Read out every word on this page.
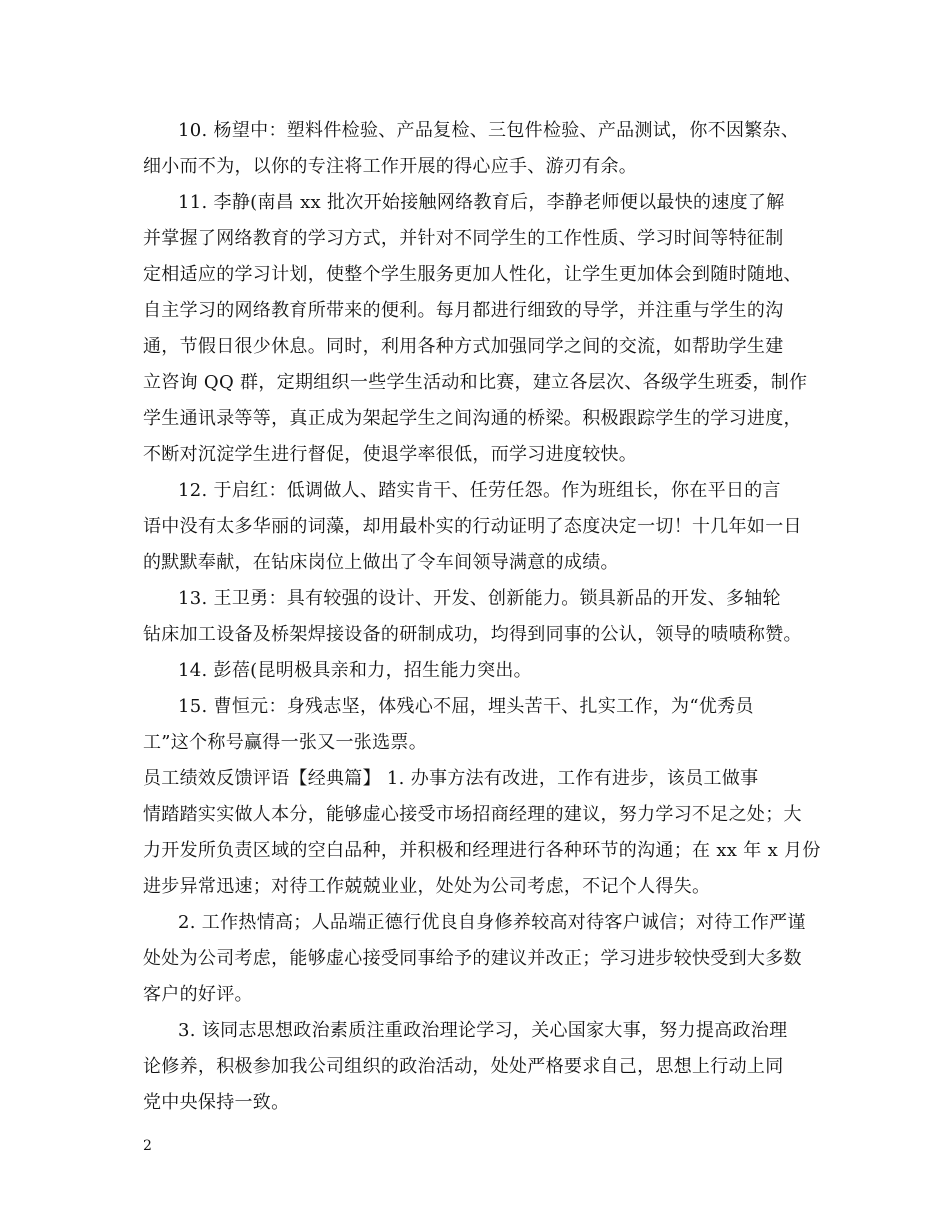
10. 杨望中：塑料件检验、产品复检、三包件检验、产品测试，你不因繁杂、
细小而不为，以你的专注将工作开展的得心应手、游刃有余。
11. 李静(南昌 xx 批次开始接触网络教育后，李静老师便以最快的速度了解
并掌握了网络教育的学习方式，并针对不同学生的工作性质、学习时间等特征制
定相适应的学习计划，使整个学生服务更加人性化，让学生更加体会到随时随地、
自主学习的网络教育所带来的便利。每月都进行细致的导学，并注重与学生的沟
通，节假日很少休息。同时，利用各种方式加强同学之间的交流，如帮助学生建
立咨询 QQ 群，定期组织一些学生活动和比赛，建立各层次、各级学生班委，制作
学生通讯录等等，真正成为架起学生之间沟通的桥梁。积极跟踪学生的学习进度，
不断对沉淀学生进行督促，使退学率很低，而学习进度较快。
12. 于启红：低调做人、踏实肯干、任劳任怨。作为班组长，你在平日的言
语中没有太多华丽的词藻，却用最朴实的行动证明了态度决定一切！十几年如一日
的默默奉献，在钻床岗位上做出了令车间领导满意的成绩。
13. 王卫勇：具有较强的设计、开发、创新能力。锁具新品的开发、多轴轮
钻床加工设备及桥架焊接设备的研制成功，均得到同事的公认，领导的啧啧称赞。
14. 彭蓓(昆明极具亲和力，招生能力突出。
15. 曹恒元：身残志坚，体残心不屈，埋头苦干、扎实工作，为“优秀员
工”这个称号赢得一张又一张选票。
员工绩效反馈评语【经典篇】 1. 办事方法有改进，工作有进步，该员工做事
情踏踏实实做人本分，能够虚心接受市场招商经理的建议，努力学习不足之处；大
力开发所负责区域的空白品种，并积极和经理进行各种环节的沟通；在 xx 年 x 月份
进步异常迅速；对待工作兢兢业业，处处为公司考虑，不记个人得失。
2. 工作热情高；人品端正德行优良自身修养较高对待客户诚信；对待工作严谨
处处为公司考虑，能够虚心接受同事给予的建议并改正；学习进步较快受到大多数
客户的好评。
3. 该同志思想政治素质注重政治理论学习，关心国家大事，努力提高政治理
论修养，积极参加我公司组织的政治活动，处处严格要求自己，思想上行动上同
党中央保持一致。
2
